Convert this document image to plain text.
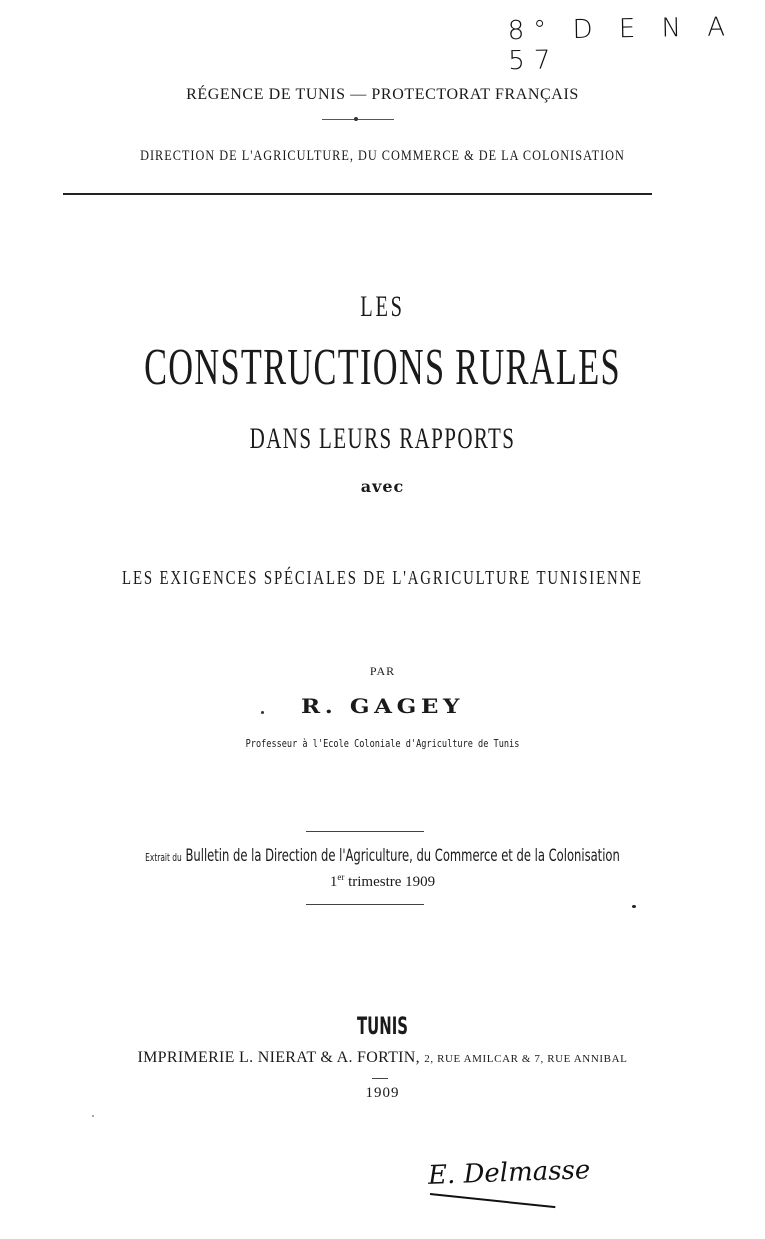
8° D E N A 57
RÉGENCE DE TUNIS — PROTECTORAT FRANÇAIS
DIRECTION DE L'AGRICULTURE, DU COMMERCE & DE LA COLONISATION
LES
CONSTRUCTIONS RURALES
DANS LEURS RAPPORTS
avec
LES EXIGENCES SPÉCIALES DE L'AGRICULTURE TUNISIENNE
PAR
R. GAGEY
Professeur à l'Ecole Coloniale d'Agriculture de Tunis
Extrait du Bulletin de la Direction de l'Agriculture, du Commerce et de la Colonisation
1er trimestre 1909
TUNIS
IMPRIMERIE L. NIERAT & A. FORTIN, 2, RUE AMILCAR & 7, RUE ANNIBAL
1909
E. Delmasse
